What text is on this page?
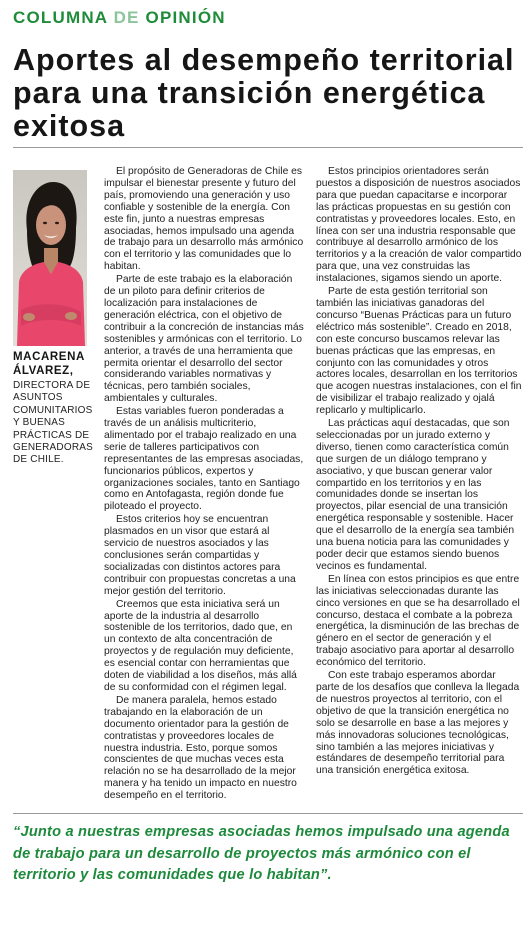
COLUMNA DE OPINIÓN
Aportes al desempeño territorial para una transición energética exitosa
MACARENA
ÁLVAREZ,
DIRECTORA DE
ASUNTOS
COMUNITARIOS
Y BUENAS
PRÁCTICAS DE
GENERADORAS
DE CHILE.

El propósito de Generadoras de Chile es impulsar el bienestar presente y futuro del país, promoviendo una generación y uso confiable y sostenible de la energía. Con este fin, junto a nuestras empresas asociadas, hemos impulsado una agenda de trabajo para un desarrollo más armónico con el territorio y las comunidades que lo habitan.

Parte de este trabajo es la elaboración de un piloto para definir criterios de localización para instalaciones de generación eléctrica, con el objetivo de contribuir a la concreción de instancias más sostenibles y armónicas con el territorio. Lo anterior, a través de una herramienta que permita orientar el desarrollo del sector considerando variables normativas y técnicas, pero también sociales, ambientales y culturales.

Estas variables fueron ponderadas a través de un análisis multicriterio, alimentado por el trabajo realizado en una serie de talleres participativos con representantes de las empresas asociadas, funcionarios públicos, expertos y organizaciones sociales, tanto en Santiago como en Antofagasta, región donde fue piloteado el proyecto.

Estos criterios hoy se encuentran plasmados en un visor que estará al servicio de nuestros asociados y las conclusiones serán compartidas y socializadas con distintos actores para contribuir con propuestas concretas a una mejor gestión del territorio.

Creemos que esta iniciativa será un aporte de la industria al desarrollo sostenible de los territorios, dado que, en un contexto de alta concentración de proyectos y de regulación muy deficiente, es esencial contar con herramientas que doten de viabilidad a los diseños, más allá de su conformidad con el régimen legal.

De manera paralela, hemos estado trabajando en la elaboración de un documento orientador para la gestión de contratistas y proveedores locales de nuestra industria. Esto, porque somos conscientes de que muchas veces esta relación no se ha desarrollado de la mejor manera y ha tenido un impacto en nuestro desempeño en el territorio.

Estos principios orientadores serán puestos a disposición de nuestros asociados para que puedan capacitarse e incorporar las prácticas propuestas en su gestión con contratistas y proveedores locales. Esto, en línea con ser una industria responsable que contribuye al desarrollo armónico de los territorios y a la creación de valor compartido para que, una vez construidas las instalaciones, sigamos siendo un aporte.

Parte de esta gestión territorial son también las iniciativas ganadoras del concurso “Buenas Prácticas para un futuro eléctrico más sostenible”. Creado en 2018, con este concurso buscamos relevar las buenas prácticas que las empresas, en conjunto con las comunidades y otros actores locales, desarrollan en los territorios que acogen nuestras instalaciones, con el fin de visibilizar el trabajo realizado y ojalá replicarlo y multiplicarlo.

Las prácticas aquí destacadas, que son seleccionadas por un jurado externo y diverso, tienen como característica común que surgen de un diálogo temprano y asociativo, y que buscan generar valor compartido en los territorios y en las comunidades donde se insertan los proyectos, pilar esencial de una transición energética responsable y sostenible. Hacer que el desarrollo de la energía sea también una buena noticia para las comunidades y poder decir que estamos siendo buenos vecinos es fundamental.

En línea con estos principios es que entre las iniciativas seleccionadas durante las cinco versiones en que se ha desarrollado el concurso, destaca el combate a la pobreza energética, la disminución de las brechas de género en el sector de generación y el trabajo asociativo para aportar al desarrollo económico del territorio.

Con este trabajo esperamos abordar parte de los desafíos que conlleva la llegada de nuestros proyectos al territorio, con el objetivo de que la transición energética no solo se desarrolle en base a las mejores y más innovadoras soluciones tecnológicas, sino también a las mejores iniciativas y estándares de desempeño territorial para una transición energética exitosa.

“Junto a nuestras empresas asociadas hemos impulsado una agenda de trabajo para un desarrollo de proyectos más armónico con el territorio y las comunidades que lo habitan”.
